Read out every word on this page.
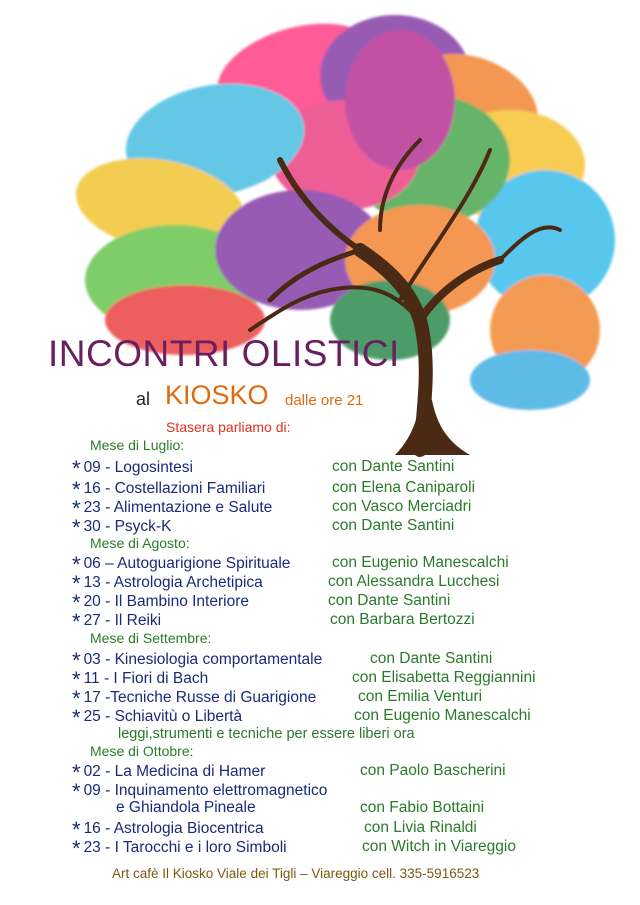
INCONTRI OLISTICI
al KIOSKO dalle ore 21
Stasera parliamo di:
Mese di Luglio:
* 09 - Logosintesi	con Dante Santini
* 16 - Costellazioni Familiari	con Elena Caniparoli
* 23 - Alimentazione e Salute	con Vasco Merciadri
* 30 - Psyck-K	con Dante Santini
Mese di Agosto:
* 06 – Autoguarigione Spirituale	con Eugenio Manescalchi
* 13 - Astrologia Archetipica	con Alessandra Lucchesi
* 20 - Il Bambino Interiore	con Dante Santini
* 27 - Il Reiki	con Barbara Bertozzi
Mese di Settembre:
* 03 - Kinesiologia comportamentale	con Dante Santini
* 11 - I Fiori di Bach	con Elisabetta Reggiannini
* 17 -Tecniche Russe di Guarigione	con Emilia Venturi
* 25 - Schiavitù o Libertà	con Eugenio Manescalchi
leggi,strumenti e tecniche per essere liberi ora
Mese di Ottobre:
* 02 - La Medicina di Hamer	con Paolo Bascherini
* 09 - Inquinamento elettromagnetico
e Ghiandola Pineale	con Fabio Bottaini
* 16 - Astrologia Biocentrica	con Livia Rinaldi
* 23 - I Tarocchi e i loro Simboli	con Witch in Viareggio
Art cafè Il Kiosko Viale dei Tigli – Viareggio cell. 335-5916523
